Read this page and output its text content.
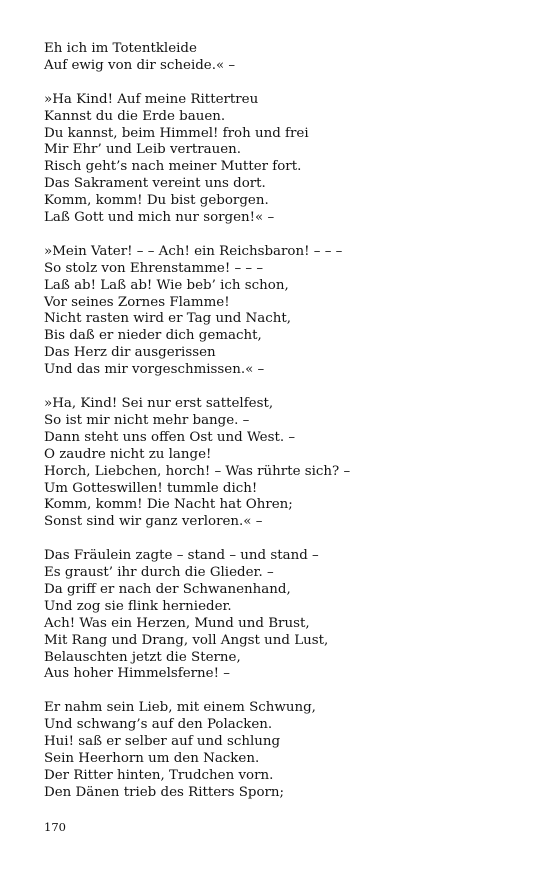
Eh ich im Totentkleide
Auf ewig von dir scheide.« –
»Ha Kind! Auf meine Rittertreu
Kannst du die Erde bauen.
Du kannst, beim Himmel! froh und frei
Mir Ehr’ und Leib vertrauen.
Risch geht’s nach meiner Mutter fort.
Das Sakrament vereint uns dort.
Komm, komm! Du bist geborgen.
Laß Gott und mich nur sorgen!« –
»Mein Vater! – – Ach! ein Reichsbaron! – – –
So stolz von Ehrenstamme! – – –
Laß ab! Laß ab! Wie beb’ ich schon,
Vor seines Zornes Flamme!
Nicht rasten wird er Tag und Nacht,
Bis daß er nieder dich gemacht,
Das Herz dir ausgerissen
Und das mir vorgeschmissen.« –
»Ha, Kind! Sei nur erst sattelfest,
So ist mir nicht mehr bange. –
Dann steht uns offen Ost und West. –
O zaudre nicht zu lange!
Horch, Liebchen, horch! – Was rührte sich? –
Um Gotteswillen! tummle dich!
Komm, komm! Die Nacht hat Ohren;
Sonst sind wir ganz verloren.« –
Das Fräulein zagte – stand – und stand –
Es graust’ ihr durch die Glieder. –
Da griff er nach der Schwanenhand,
Und zog sie flink hernieder.
Ach! Was ein Herzen, Mund und Brust,
Mit Rang und Drang, voll Angst und Lust,
Belauschten jetzt die Sterne,
Aus hoher Himmelsferne! –
Er nahm sein Lieb, mit einem Schwung,
Und schwang’s auf den Polacken.
Hui! saß er selber auf und schlung
Sein Heerhorn um den Nacken.
Der Ritter hinten, Trudchen vorn.
Den Dänen trieb des Ritters Sporn;
170
